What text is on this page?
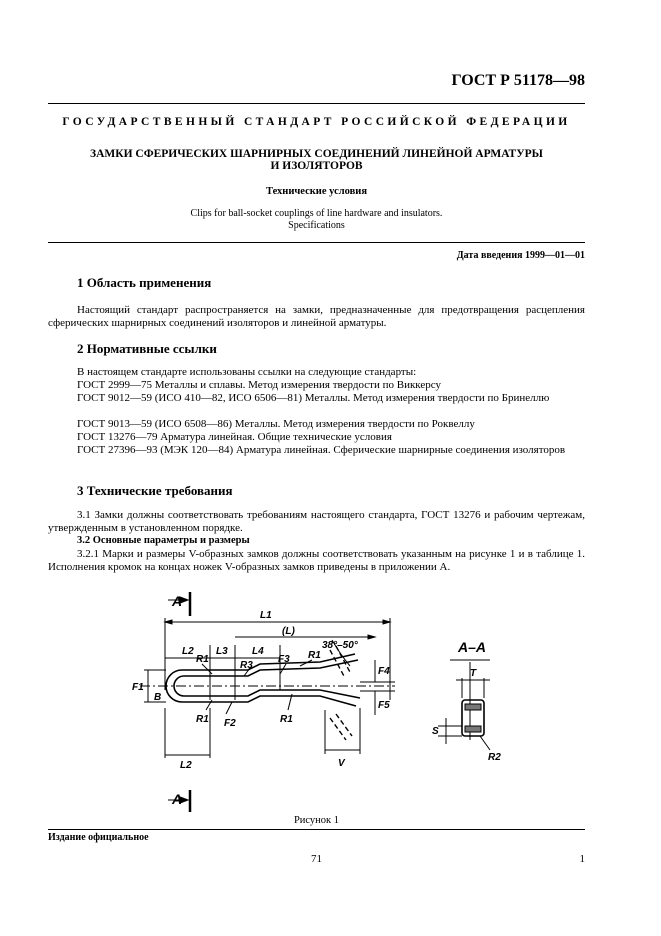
ГОСТ Р 51178—98
ГОСУДАРСТВЕННЫЙ СТАНДАРТ РОССИЙСКОЙ ФЕДЕРАЦИИ
ЗАМКИ СФЕРИЧЕСКИХ ШАРНИРНЫХ СОЕДИНЕНИЙ ЛИНЕЙНОЙ АРМАТУРЫ
И ИЗОЛЯТОРОВ
Технические условия
Clips for ball-socket couplings of line hardware and insulators.
Specifications
Дата введения 1999—01—01
1 Область применения
Настоящий стандарт распространяется на замки, предназначенные для предотвращения расцепления сферических шарнирных соединений изоляторов и линейной арматуры.
2 Нормативные ссылки
В настоящем стандарте использованы ссылки на следующие стандарты:
ГОСТ 2999—75 Металлы и сплавы. Метод измерения твердости по Виккерсу
ГОСТ 9012—59 (ИСО 410—82, ИСО 6506—81) Металлы. Метод измерения твердости по Бринеллю
ГОСТ 9013—59 (ИСО 6508—86) Металлы. Метод измерения твердости по Роквеллу
ГОСТ 13276—79 Арматура линейная. Общие технические условия
ГОСТ 27396—93 (МЭК 120—84) Арматура линейная. Сферические шарнирные соединения изоляторов
3 Технические требования
3.1 Замки должны соответствовать требованиям настоящего стандарта, ГОСТ 13276 и рабочим чертежам, утвержденным в установленном порядке.
3.2 Основные параметры и размеры
3.2.1 Марки и размеры V-образных замков должны соответствовать указанным на рисунке 1 и в таблице 1. Исполнения кромок на концах ножек V-образных замков приведены в приложении А.
А
А
L1
(L)
38°–50°
L2 L3 L4
R1
R3
F3 R1
F1
B
R1 F2	R1
F4
F5
L2	V
А–А
T
S
R2
Рисунок 1
Издание официальное
71	1
